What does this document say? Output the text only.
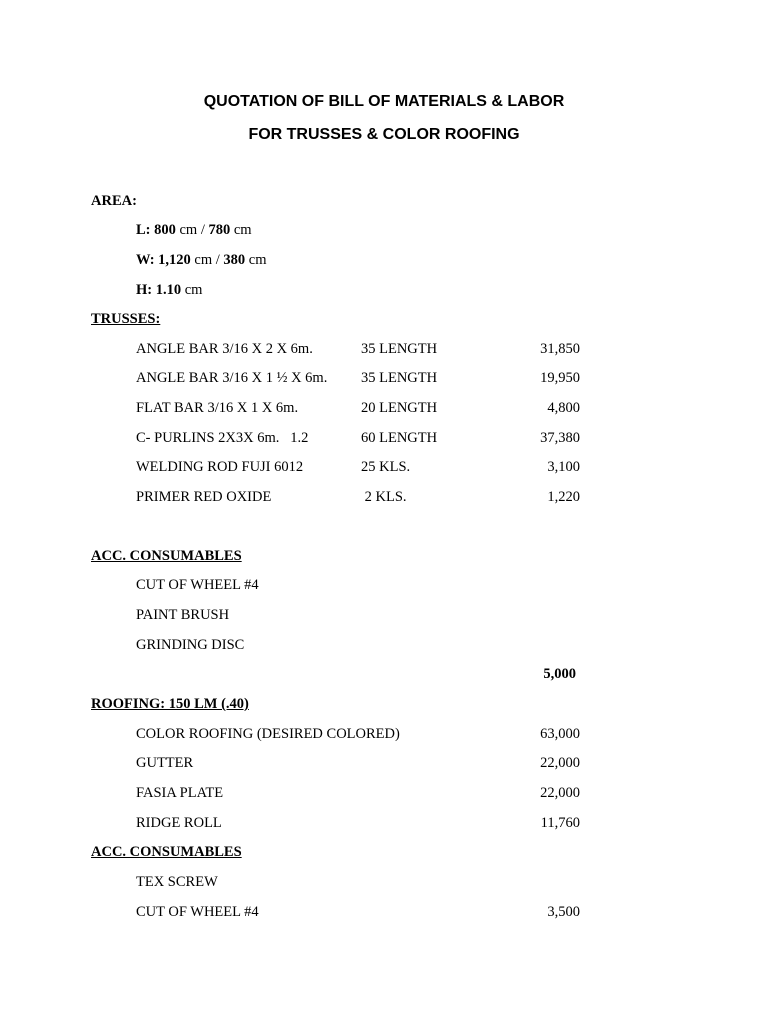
QUOTATION OF BILL OF MATERIALS & LABOR
FOR TRUSSES & COLOR ROOFING
AREA:
L: 800 cm / 780 cm
W: 1,120 cm / 380 cm
H: 1.10 cm
TRUSSES:
ANGLE BAR 3/16 X 2 X 6m.	35 LENGTH	31,850
ANGLE BAR 3/16 X 1 ½ X 6m. 35 LENGTH	19,950
FLAT BAR 3/16 X 1 X 6m.	20 LENGTH	4,800
C- PURLINS 2X3X 6m.   1.2	60 LENGTH	37,380
WELDING ROD FUJI 6012	25 KLS.	3,100
PRIMER RED OXIDE	2 KLS.	1,220
ACC. CONSUMABLES
CUT OF WHEEL #4
PAINT BRUSH
GRINDING DISC
5,000
ROOFING: 150 LM (.40)
COLOR ROOFING (DESIRED COLORED)	63,000
GUTTER	22,000
FASIA PLATE	22,000
RIDGE ROLL	11,760
ACC. CONSUMABLES
TEX SCREW
CUT OF WHEEL #4	3,500
